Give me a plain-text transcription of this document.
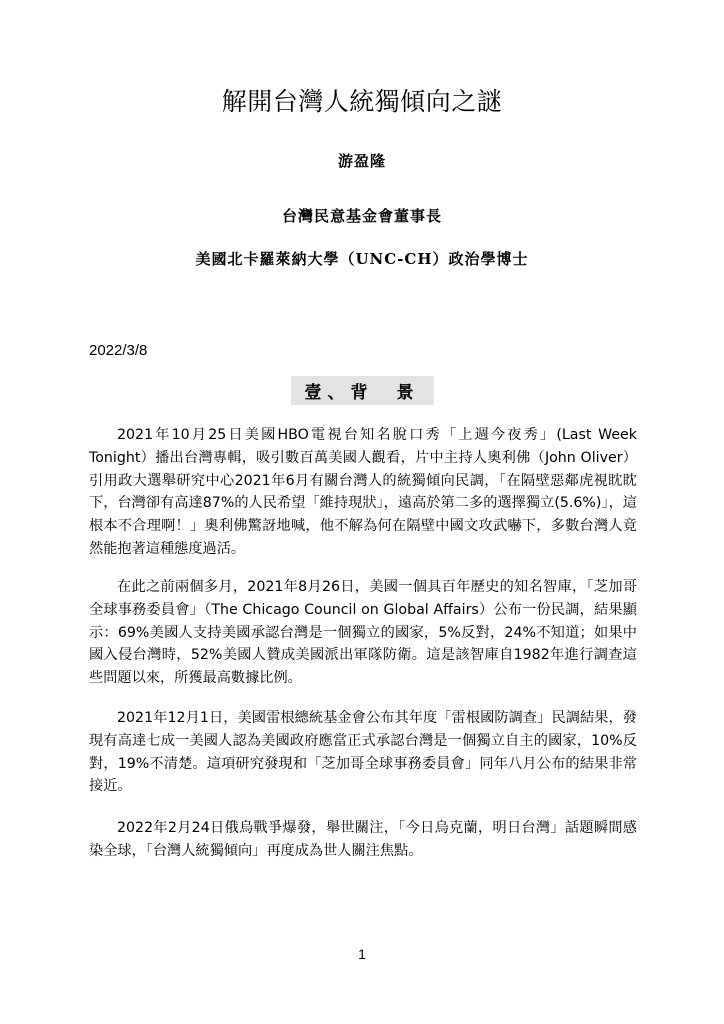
解開台灣人統獨傾向之謎
游盈隆
台灣民意基金會董事長
美國北卡羅萊納大學（UNC-CH）政治學博士
2022/3/8
壹、背　景

2021年10月25日美國HBO電視台知名脫口秀「上週今夜秀」(Last Week Tonight）播出台灣專輯，吸引數百萬美國人觀看，片中主持人奧利佛（John Oliver）引用政大選舉研究中心2021年6月有關台灣人的統獨傾向民調，「在隔壁惡鄰虎視眈眈下，台灣卻有高達87%的人民希望「維持現狀」，遠高於第二多的選擇獨立(5.6%)」，這根本不合理啊！」奧利佛驚訝地喊，他不解為何在隔壁中國文攻武嚇下，多數台灣人竟然能抱著這種態度過活。

在此之前兩個多月，2021年8月26日，美國一個具百年歷史的知名智庫，「芝加哥全球事務委員會」（The Chicago Council on Global Affairs）公布一份民調，結果顯示：69%美國人支持美國承認台灣是一個獨立的國家，5%反對，24%不知道；如果中國入侵台灣時，52%美國人贊成美國派出軍隊防衛。這是該智庫自1982年進行調查這些問題以來，所獲最高數據比例。

2021年12月1日，美國雷根總統基金會公布其年度「雷根國防調查」民調結果，發現有高達七成一美國人認為美國政府應當正式承認台灣是一個獨立自主的國家，10%反對，19%不清楚。這項研究發現和「芝加哥全球事務委員會」同年八月公布的結果非常接近。

2022年2月24日俄烏戰爭爆發，舉世關注，「今日烏克蘭，明日台灣」話題瞬間感染全球，「台灣人統獨傾向」再度成為世人關注焦點。

1
